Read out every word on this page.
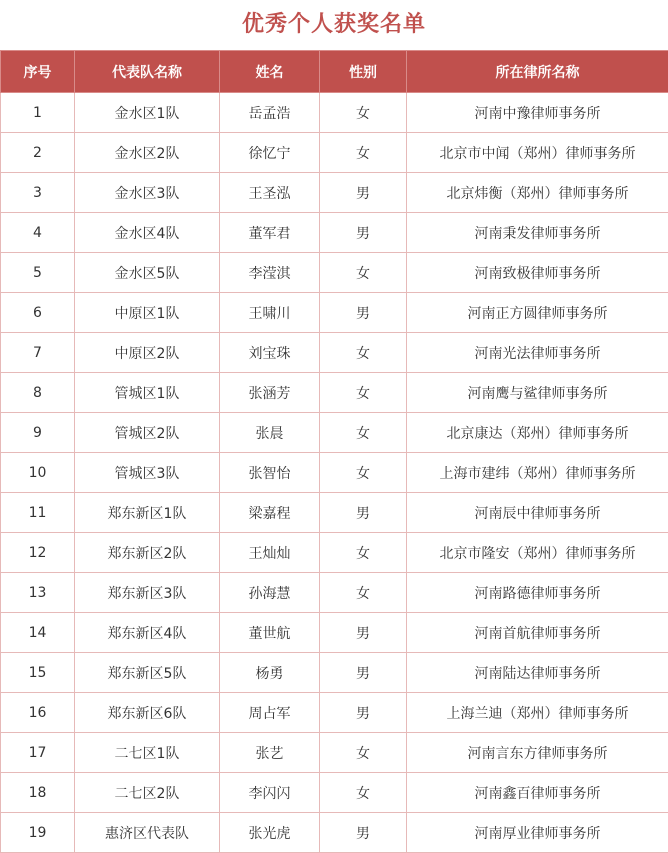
优秀个人获奖名单
序号	代表队名称	姓名	性别	所在律所名称
1	金水区1队	岳孟浩	女	河南中豫律师事务所
2	金水区2队	徐忆宁	女	北京市中闻（郑州）律师事务所
3	金水区3队	王圣泓	男	北京炜衡（郑州）律师事务所
4	金水区4队	董军君	男	河南秉发律师事务所
5	金水区5队	李滢淇	女	河南致极律师事务所
6	中原区1队	王啸川	男	河南正方圆律师事务所
7	中原区2队	刘宝珠	女	河南光法律师事务所
8	管城区1队	张涵芳	女	河南鹰与鲨律师事务所
9	管城区2队	张晨	女	北京康达（郑州）律师事务所
10	管城区3队	张智怡	女	上海市建纬（郑州）律师事务所
11	郑东新区1队	梁嘉程	男	河南辰中律师事务所
12	郑东新区2队	王灿灿	女	北京市隆安（郑州）律师事务所
13	郑东新区3队	孙海慧	女	河南路德律师事务所
14	郑东新区4队	董世航	男	河南首航律师事务所
15	郑东新区5队	杨勇	男	河南陆达律师事务所
16	郑东新区6队	周占军	男	上海兰迪（郑州）律师事务所
17	二七区1队	张艺	女	河南言东方律师事务所
18	二七区2队	李闪闪	女	河南鑫百律师事务所
19	惠济区代表队	张光虎	男	河南厚业律师事务所
